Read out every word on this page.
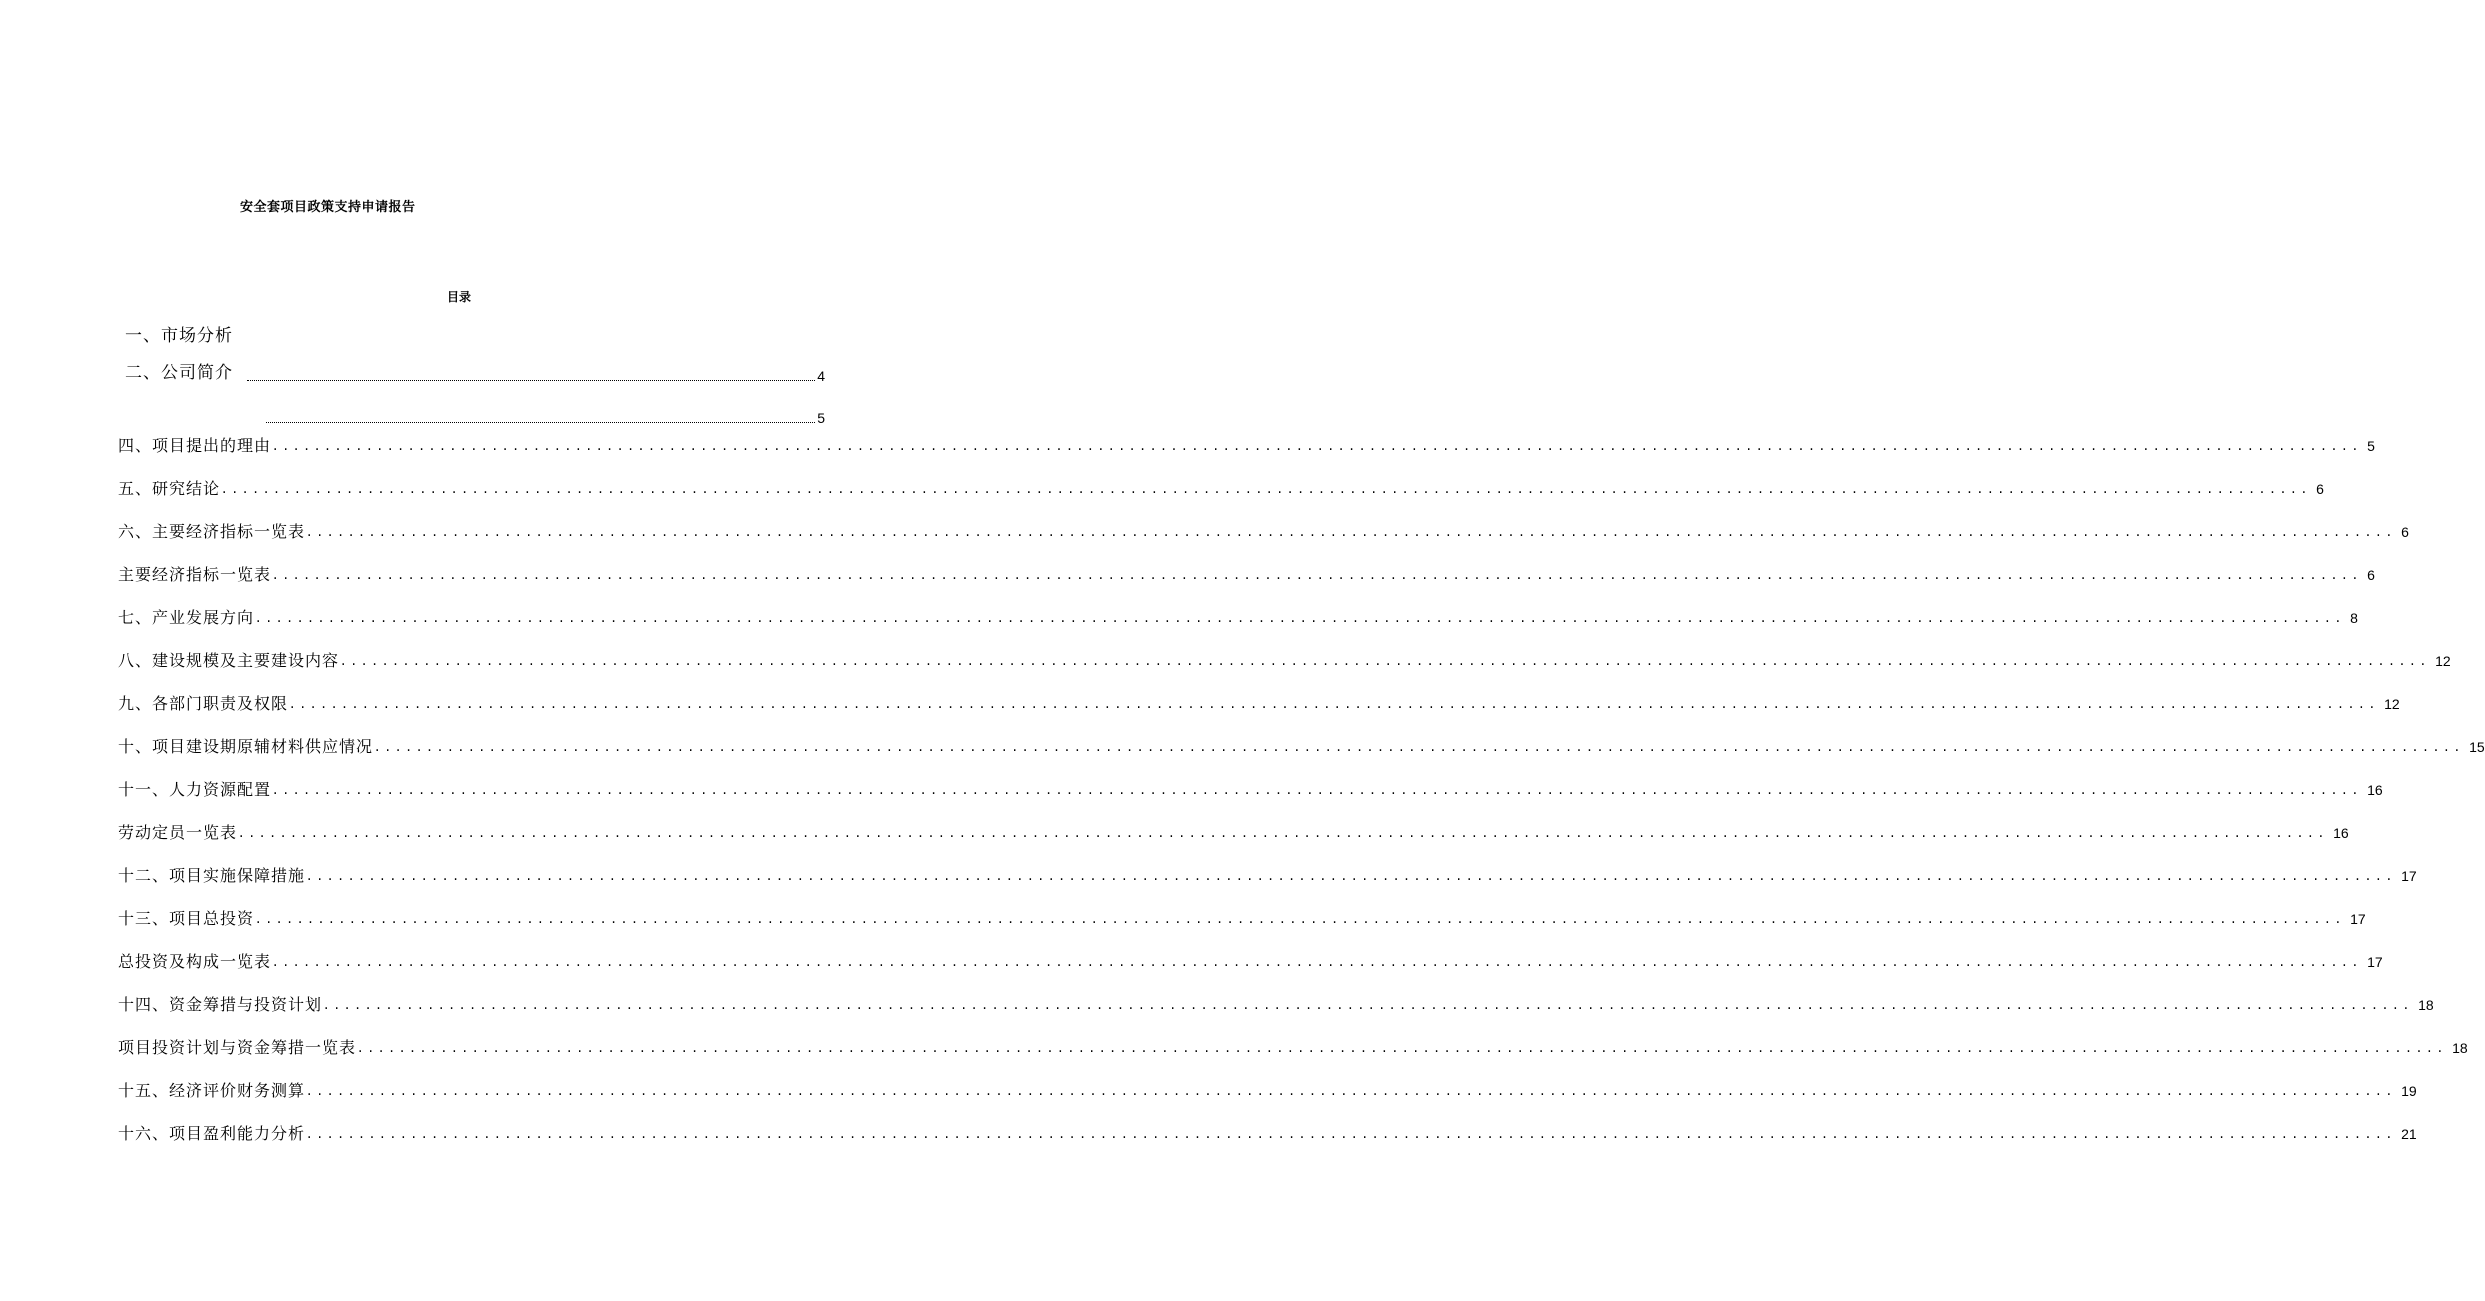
安全套项目政策支持申请报告
目录
一、市场分析
二、公司简介	4
5
四、项目提出的理由 ........................................................................................................................................................................................................ 5
五、研究结论 ........................................................................................................................................................................................................ 6
六、主要经济指标一览表 ........................................................................................................................................................................................................ 6
主要经济指标一览表 ........................................................................................................................................................................................................ 6
七、产业发展方向 ........................................................................................................................................................................................................ 8
八、建设规模及主要建设内容 ........................................................................................................................................................................................................ 12
九、各部门职责及权限 ........................................................................................................................................................................................................ 12
十、项目建设期原辅材料供应情况 ........................................................................................................................................................................................................ 15
十一、人力资源配置 ........................................................................................................................................................................................................ 16
劳动定员一览表 ........................................................................................................................................................................................................ 16
十二、项目实施保障措施 ........................................................................................................................................................................................................ 17
十三、项目总投资 ........................................................................................................................................................................................................ 17
总投资及构成一览表 ........................................................................................................................................................................................................ 17
十四、资金筹措与投资计划 ........................................................................................................................................................................................................ 18
项目投资计划与资金筹措一览表 ........................................................................................................................................................................................................ 18
十五、经济评价财务测算 ........................................................................................................................................................................................................ 19
十六、项目盈利能力分析 ........................................................................................................................................................................................................ 21
